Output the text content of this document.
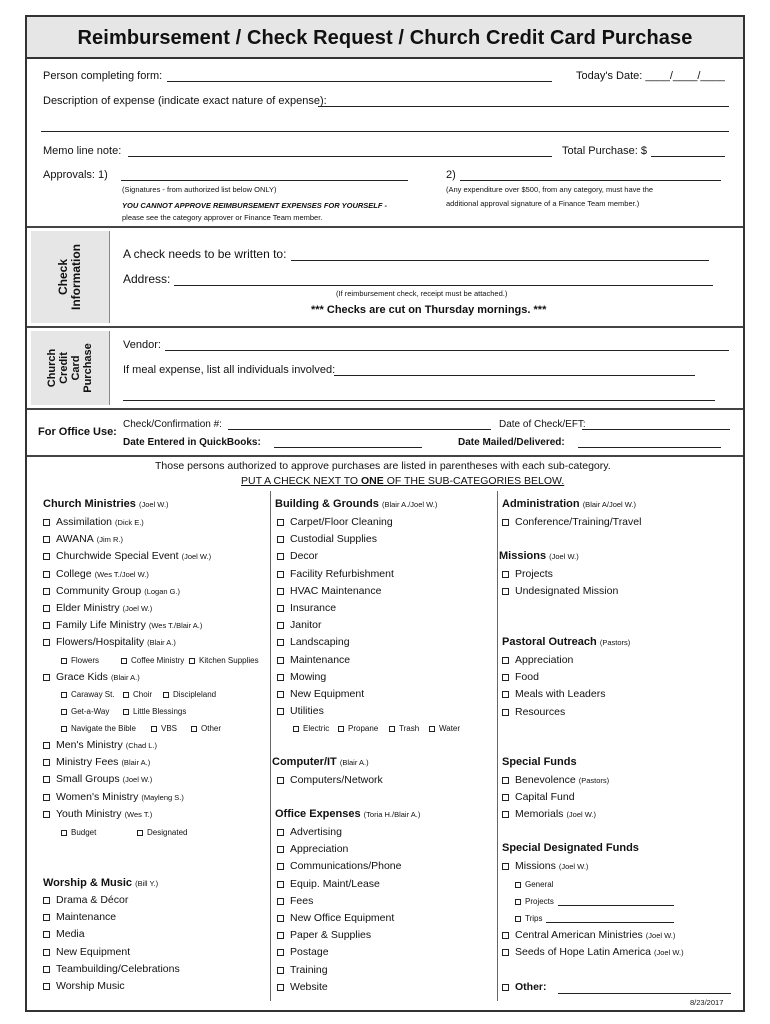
Reimbursement / Check Request / Church Credit Card Purchase
Person completing form:	Today's Date: ____/____/____
Description of expense (indicate exact nature of expense):
Memo line note:	Total Purchase: $
Approvals: 1)	2)
(Signatures - from authorized list below ONLY)
YOU CANNOT APPROVE REIMBURSEMENT EXPENSES FOR YOURSELF -
please see the category approver or Finance Team member.
(Any expenditure over $500, from any category, must have the
additional approval signature of a Finance Team member.)
Check Information	A check needs to be written to:
Address:
(If reimbursement check, receipt must be attached.)
*** Checks are cut on Thursday mornings. ***
Church Credit Card Purchase	Vendor:
If meal expense, list all individuals involved:
For Office Use:
Check/Confirmation #:	Date of Check/EFT:
Date Entered in QuickBooks:	Date Mailed/Delivered:
Those persons authorized to approve purchases are listed in parentheses with each sub-category.
PUT A CHECK NEXT TO ONE OF THE SUB-CATEGORIES BELOW.
Church Ministries (Joel W.)
Worship & Music (Bill Y.)
Building & Grounds (Blair A./Joel W.)
Computer/IT (Blair A.)
Office Expenses (Toria H./Blair A.)
Administration (Blair A/Joel W.)
Missions (Joel W.)
Pastoral Outreach (Pastors)
Special Funds
Special Designated Funds
Assimilation (Dick E.)
AWANA (Jim R.)
Churchwide Special Event (Joel W.)
College (Wes T./Joel W.)
Community Group (Logan G.)
Elder Ministry (Joel W.)
Family Life Ministry (Wes T./Blair A.)
Flowers/Hospitality (Blair A.)
Flowers	Coffee Ministry Kitchen Supplies
Grace Kids (Blair A.)
Caraway St. Choir	Discipleland
Get-a-Way	Little Blessings
Navigate the Bible	VBS	Other
Men's Ministry (Chad L.)
Ministry Fees (Blair A.)
Small Groups (Joel W.)
Women's Ministry (Mayleng S.)
Youth Ministry (Wes T.)
Budget	Designated
Drama & Décor
Maintenance
Media
New Equipment
Teambuilding/Celebrations
Worship Music
Carpet/Floor Cleaning
Custodial Supplies
Decor
Facility Refurbishment
HVAC Maintenance
Insurance
Janitor
Landscaping
Maintenance
Mowing
New Equipment
Utilities
Electric Propane	Trash Water
Computers/Network
Advertising
Appreciation
Communications/Phone
Equip. Maint/Lease
Fees
New Office Equipment
Paper & Supplies
Postage
Training
Website
Conference/Training/Travel
Projects
Undesignated Mission
Appreciation
Food
Meals with Leaders
Resources
Benevolence (Pastors)
Capital Fund
Memorials (Joel W.)
Missions (Joel W.)
General
Projects
Trips
Central American Ministries (Joel W.)
Seeds of Hope Latin America (Joel W.)
Other:
8/23/2017
